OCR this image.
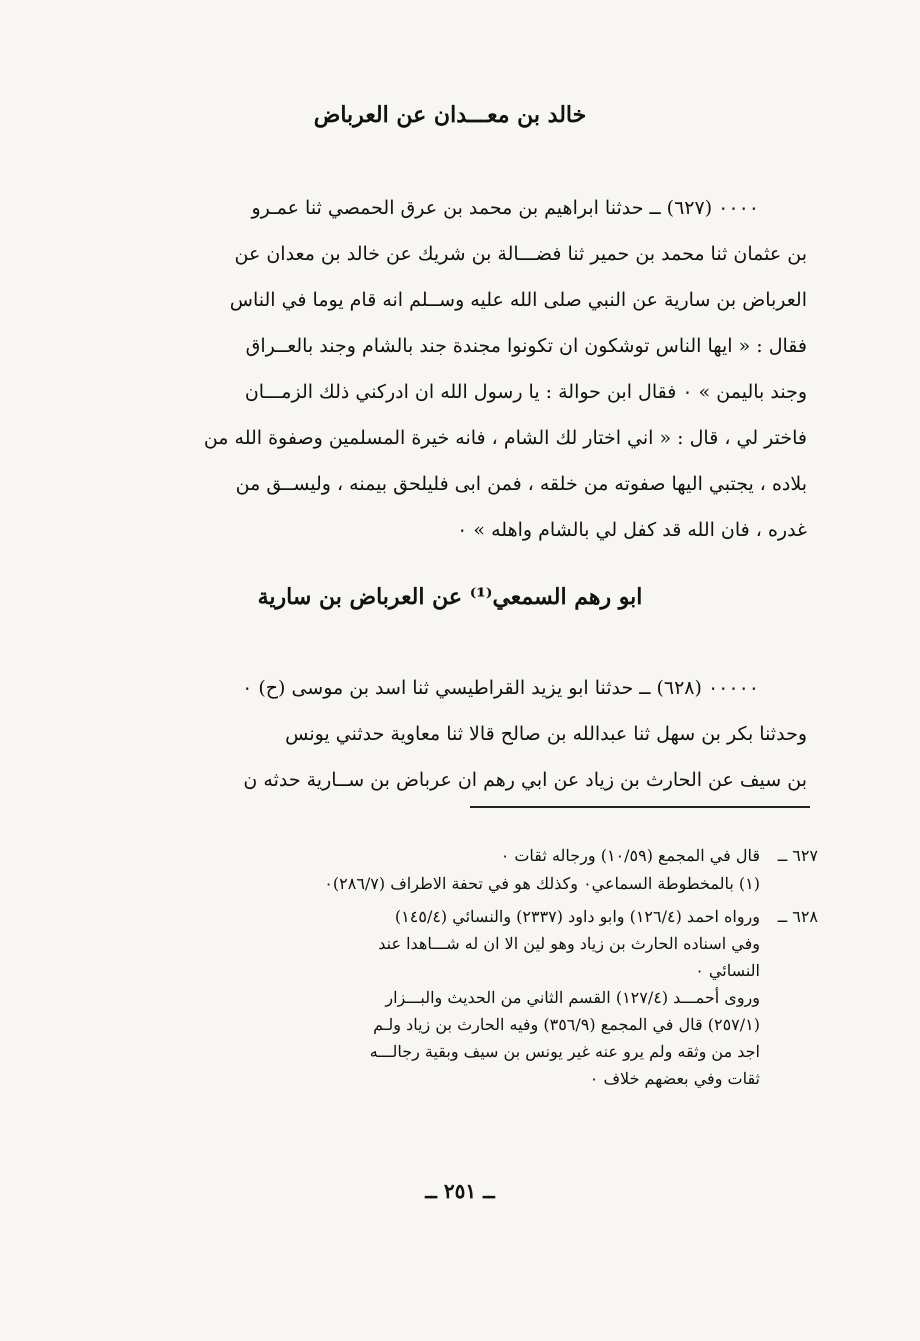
خالد بن معـــدان عن العرباض
٠٠٠٠ (٦٢٧) ــ حدثنا ابراهيم بن محمد بن عرق الحمصي ثنا عمـرو
بن عثمان ثنا محمد بن حمير ثنا فضـــالة بن شريك عن خالد بن معدان عن
العرباض بن سارية عن النبي صلى الله عليه وســلم انه قام يوما في الناس
فقال : « ايها الناس توشكون ان تكونوا مجندة جند بالشام وجند بالعــراق
وجند باليمن » ٠ فقال ابن حوالة : يا رسول الله ان ادركني ذلك الزمـــان
فاختر لي ، قال : « اني اختار لك الشام ، فانه خيرة المسلمين وصفوة الله من
بلاده ، يجتبي اليها صفوته من خلقه ، فمن ابى فليلحق بيمنه ، وليســق من
غدره ، فان الله قد كفل لي بالشام واهله » ٠
ابو رهم السمعي⁽¹⁾ عن العرباض بن سارية
٠٠٠٠٠ (٦٢٨) ــ حدثنا ابو يزيد القراطيسي ثنا اسد بن موسى (ح) ٠
وحدثنا بكر بن سهل ثنا عبدالله بن صالح قالا ثنا معاوية حدثني يونس
بن سيف عن الحارث بن زياد عن ابي رهم ان عرباض بن ســارية حدثه ن
٦٢٧ ــ
قال في المجمع (١٠/٥٩) ورجاله ثقات ٠
(١) بالمخطوطة السماعي٠ وكذلك هو في تحفة الاطراف (٢٨٦/٧)٠
٦٢٨ ــ
ورواه احمد (١٢٦/٤) وابو داود (٢٣٣٧) والنسائي (١٤٥/٤)
وفي اسناده الحارث بن زياد وهو لين الا ان له شـــاهدا عند
النسائي ٠
وروى أحمـــد (١٢٧/٤) القسم الثاني من الحديث والبـــزار
(٢٥٧/١) قال في المجمع (٣٥٦/٩) وفيه الحارث بن زياد ولـم
اجد من وثقه ولم يرو عنه غير يونس بن سيف وبقية رجالـــه
ثقات وفي بعضهم خلاف ٠
ــ ٢٥١ ــ
